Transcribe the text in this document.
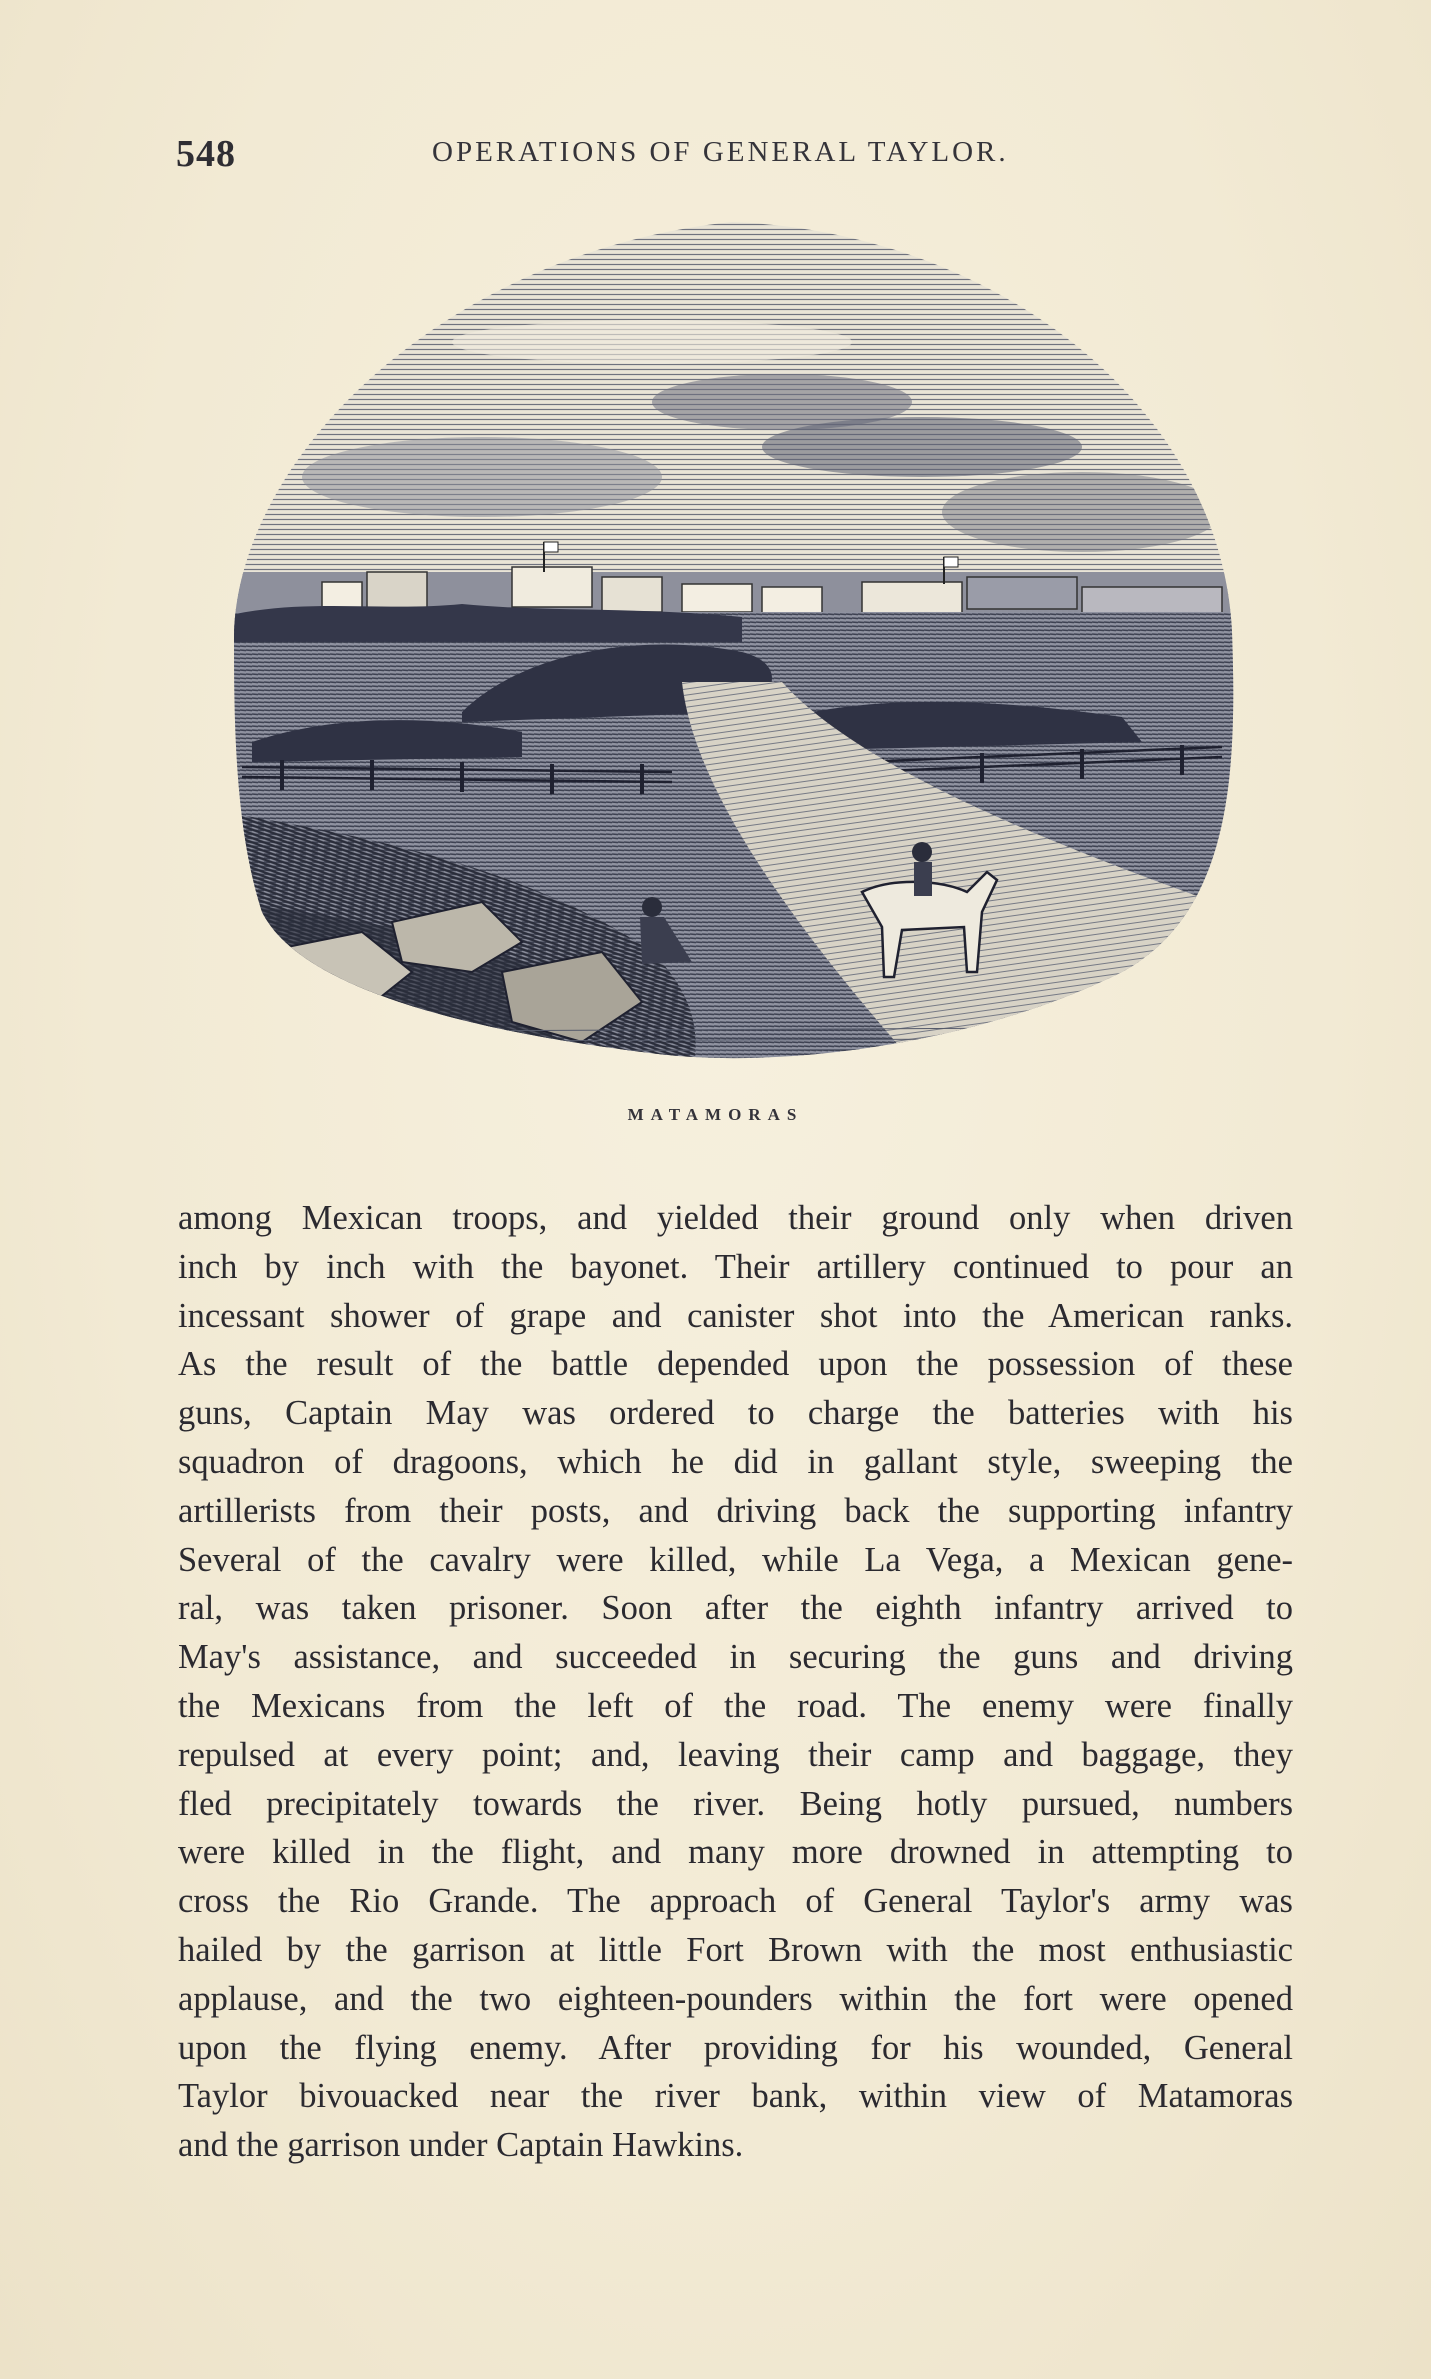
548	OPERATIONS OF GENERAL TAYLOR.
MATAMORAS
among Mexican troops, and yielded their ground only when driven
inch by inch with the bayonet. Their artillery continued to pour an
incessant shower of grape and canister shot into the American ranks.
As the result of the battle depended upon the possession of these
guns, Captain May was ordered to charge the batteries with his
squadron of dragoons, which he did in gallant style, sweeping the
artillerists from their posts, and driving back the supporting infantry
Several of the cavalry were killed, while La Vega, a Mexican gene-
ral, was taken prisoner. Soon after the eighth infantry arrived to
May's assistance, and succeeded in securing the guns and driving
the Mexicans from the left of the road. The enemy were finally
repulsed at every point; and, leaving their camp and baggage, they
fled precipitately towards the river. Being hotly pursued, numbers
were killed in the flight, and many more drowned in attempting to
cross the Rio Grande. The approach of General Taylor's army was
hailed by the garrison at little Fort Brown with the most enthusiastic
applause, and the two eighteen-pounders within the fort were opened
upon the flying enemy. After providing for his wounded, General
Taylor bivouacked near the river bank, within view of Matamoras
and the garrison under Captain Hawkins.
